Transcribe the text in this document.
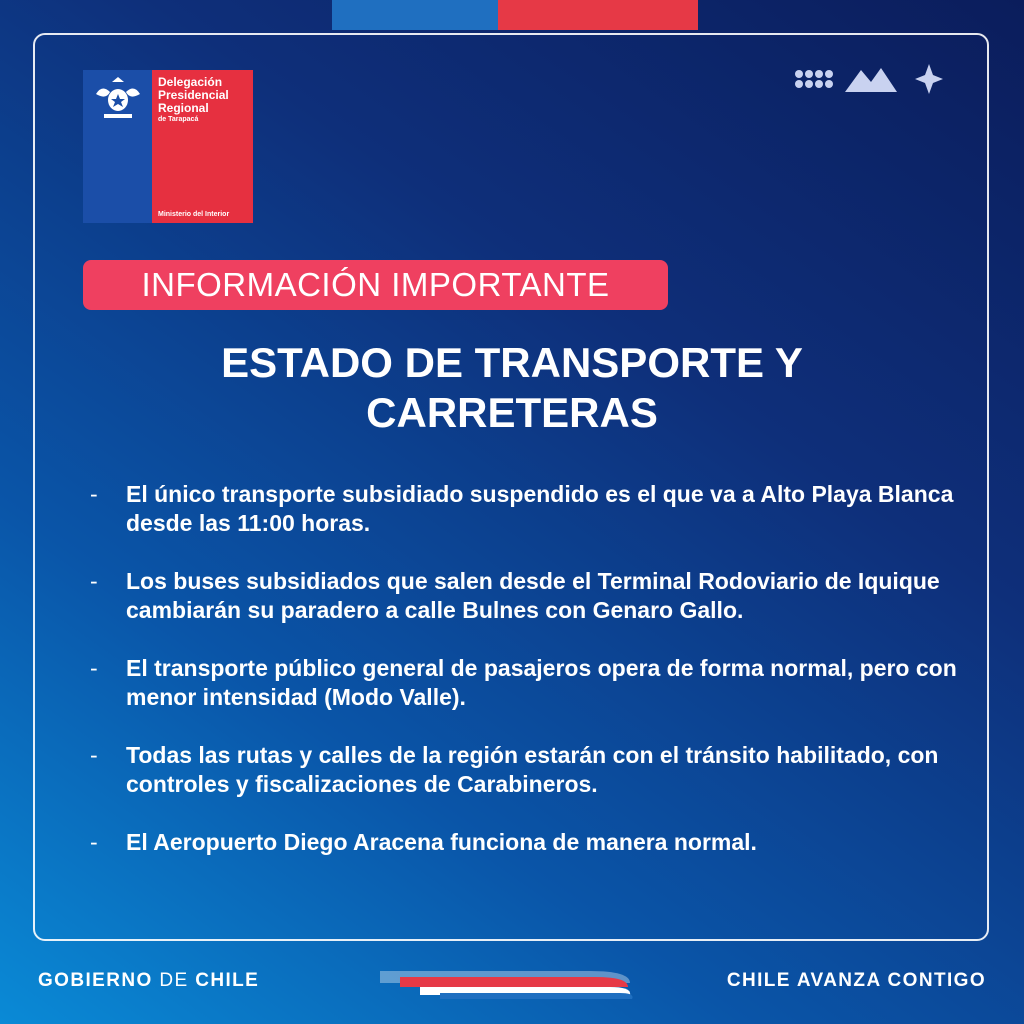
Delegación
Presidencial
Regional
de Tarapacá
Ministerio del Interior
INFORMACIÓN IMPORTANTE
ESTADO DE TRANSPORTE Y
CARRETERAS
-	El único transporte subsidiado suspendido es el que va a Alto Playa Blanca desde las 11:00 horas.
-	Los buses subsidiados que salen desde el Terminal Rodoviario de Iquique cambiarán su paradero a calle Bulnes con Genaro Gallo.
-	El transporte público general de pasajeros opera de forma normal, pero con menor intensidad (Modo Valle).
-	Todas las rutas y calles de la región estarán con el tránsito habilitado, con controles y fiscalizaciones de Carabineros.
-	El Aeropuerto Diego Aracena funciona de manera normal.
GOBIERNO DE CHILE	CHILE AVANZA CONTIGO
